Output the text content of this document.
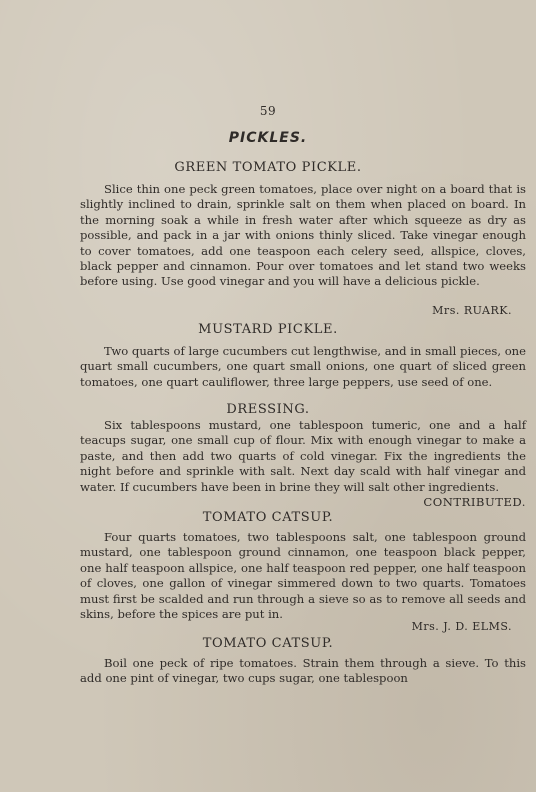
59
PICKLES.
GREEN TOMATO PICKLE.
Slice thin one peck green tomatoes, place over night on a board that is slightly inclined to drain, sprinkle salt on them when placed on board. In the morning soak a while in fresh water after which squeeze as dry as possible, and pack in a jar with onions thinly sliced. Take vinegar enough to cover tomatoes, add one teaspoon each celery seed, allspice, cloves, black pepper and cinnamon. Pour over tomatoes and let stand two weeks before using. Use good vinegar and you will have a delicious pickle.
Mrs. RUARK.
MUSTARD PICKLE.
Two quarts of large cucumbers cut lengthwise, and in small pieces, one quart small cucumbers, one quart small onions, one quart of sliced green tomatoes, one quart cauliflower, three large peppers, use seed of one.
DRESSING.
Six tablespoons mustard, one tablespoon tumeric, one and a half teacups sugar, one small cup of flour. Mix with enough vinegar to make a paste, and then add two quarts of cold vinegar. Fix the ingredients the night before and sprinkle with salt. Next day scald with half vinegar and water. If cucumbers have been in brine they will salt other ingredients.
CONTRIBUTED.
TOMATO CATSUP.
Four quarts tomatoes, two tablespoons salt, one tablespoon ground mustard, one tablespoon ground cinnamon, one teaspoon black pepper, one half teaspoon allspice, one half teaspoon red pepper, one half teaspoon of cloves, one gallon of vinegar simmered down to two quarts. Tomatoes must first be scalded and run through a sieve so as to remove all seeds and skins, before the spices are put in.
Mrs. J. D. ELMS.
TOMATO CATSUP.
Boil one peck of ripe tomatoes. Strain them through a sieve. To this add one pint of vinegar, two cups sugar, one tablespoon
